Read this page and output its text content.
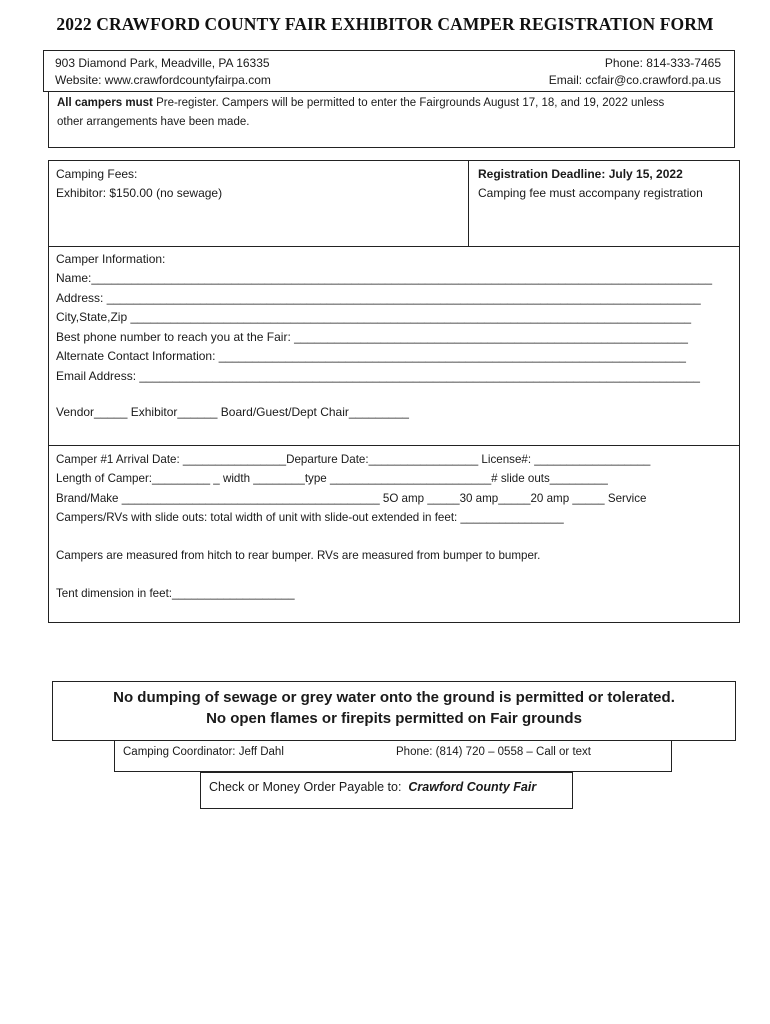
2022 CRAWFORD COUNTY FAIR EXHIBITOR CAMPER REGISTRATION FORM
903 Diamond Park, Meadville, PA 16335	Phone: 814-333-7465
Website: www.crawfordcountyfairpa.com	Email: ccfair@co.crawford.pa.us
All campers must Pre-register. Campers will be permitted to enter the Fairgrounds August 17, 18, and 19, 2022 unless
other arrangements have been made.
Camping Fees:
Exhibitor: $150.00 (no sewage)
Registration Deadline: July 15, 2022
Camping fee must accompany registration
Camper Information:
Name:_____________________________________________________________________________________________
Address: _________________________________________________________________________________________
City,State,Zip ____________________________________________________________________________________
Best phone number to reach you at the Fair: ___________________________________________________________
Alternate Contact Information: ______________________________________________________________________
Email Address: ____________________________________________________________________________________
Vendor_____ Exhibitor______ Board/Guest/Dept Chair_________
Camper #1 Arrival Date: ________________Departure Date:_________________ License#: __________________
Length of Camper:_________ _ width ________type _________________________# slide outs_________
Brand/Make ________________________________________ 5O amp _____30 amp_____20 amp _____ Service
Campers/RVs with slide outs: total width of unit with slide-out extended in feet: ________________
Campers are measured from hitch to rear bumper. RVs are measured from bumper to bumper.
Tent dimension in feet:___________________
No dumping of sewage or grey water onto the ground is permitted or tolerated.
No open flames or firepits permitted on Fair grounds
Camping Coordinator: Jeff Dahl	Phone: (814) 720 – 0558 – Call or text
Check or Money Order Payable to: Crawford County Fair
